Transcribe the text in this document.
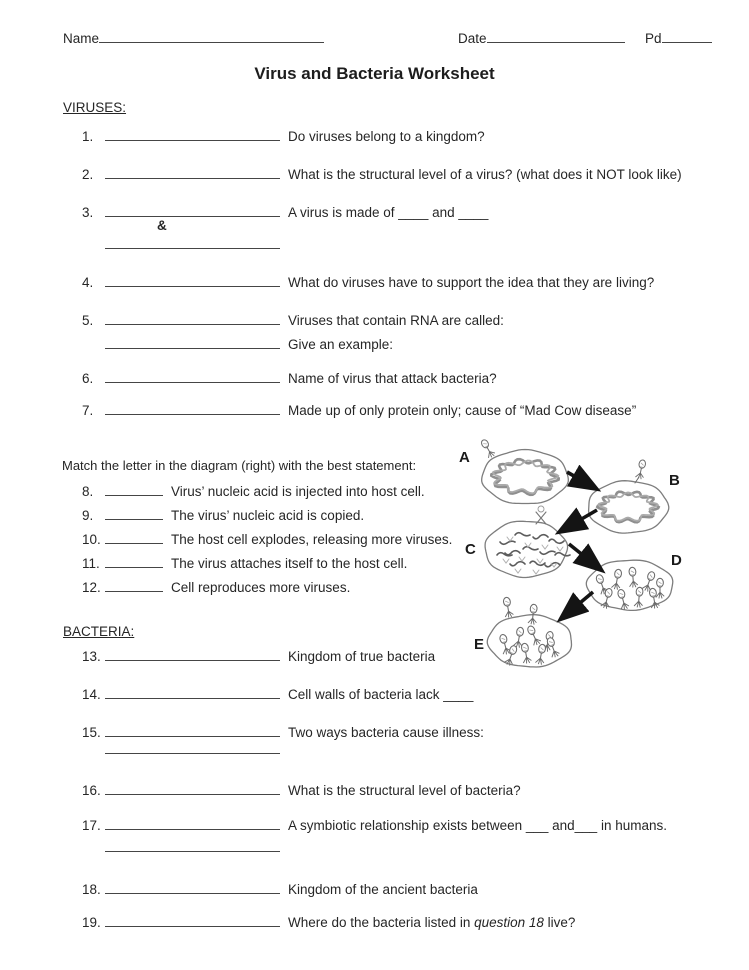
Name	Date	Pd
Virus and Bacteria Worksheet
VIRUSES:
1.	Do viruses belong to a kingdom?
2.	What is the structural level of a virus? (what does it NOT look like)
3.	A virus is made of ____ and ____
&
4.	What do viruses have to support the idea that they are living?
5.	Viruses that contain RNA are called:
Give an example:
6.	Name of virus that attack bacteria?
7.	Made up of only protein only; cause of “Mad Cow disease”
Match the letter in the diagram (right) with the best statement:
8.	Virus’ nucleic acid is injected into host cell.
9.	The virus’ nucleic acid is copied.
10.	The host cell explodes, releasing more viruses.
11.	The virus attaches itself to the host cell.
12.	Cell reproduces more viruses.
A
B
C
D
E
BACTERIA:
13.	Kingdom of true bacteria
14.	Cell walls of bacteria lack ____
15.	Two ways bacteria cause illness:
16.	What is the structural level of bacteria?
17.	A symbiotic relationship exists between ___ and___ in humans.
18.	Kingdom of the ancient bacteria
19.	Where do the bacteria listed in question 18 live?
